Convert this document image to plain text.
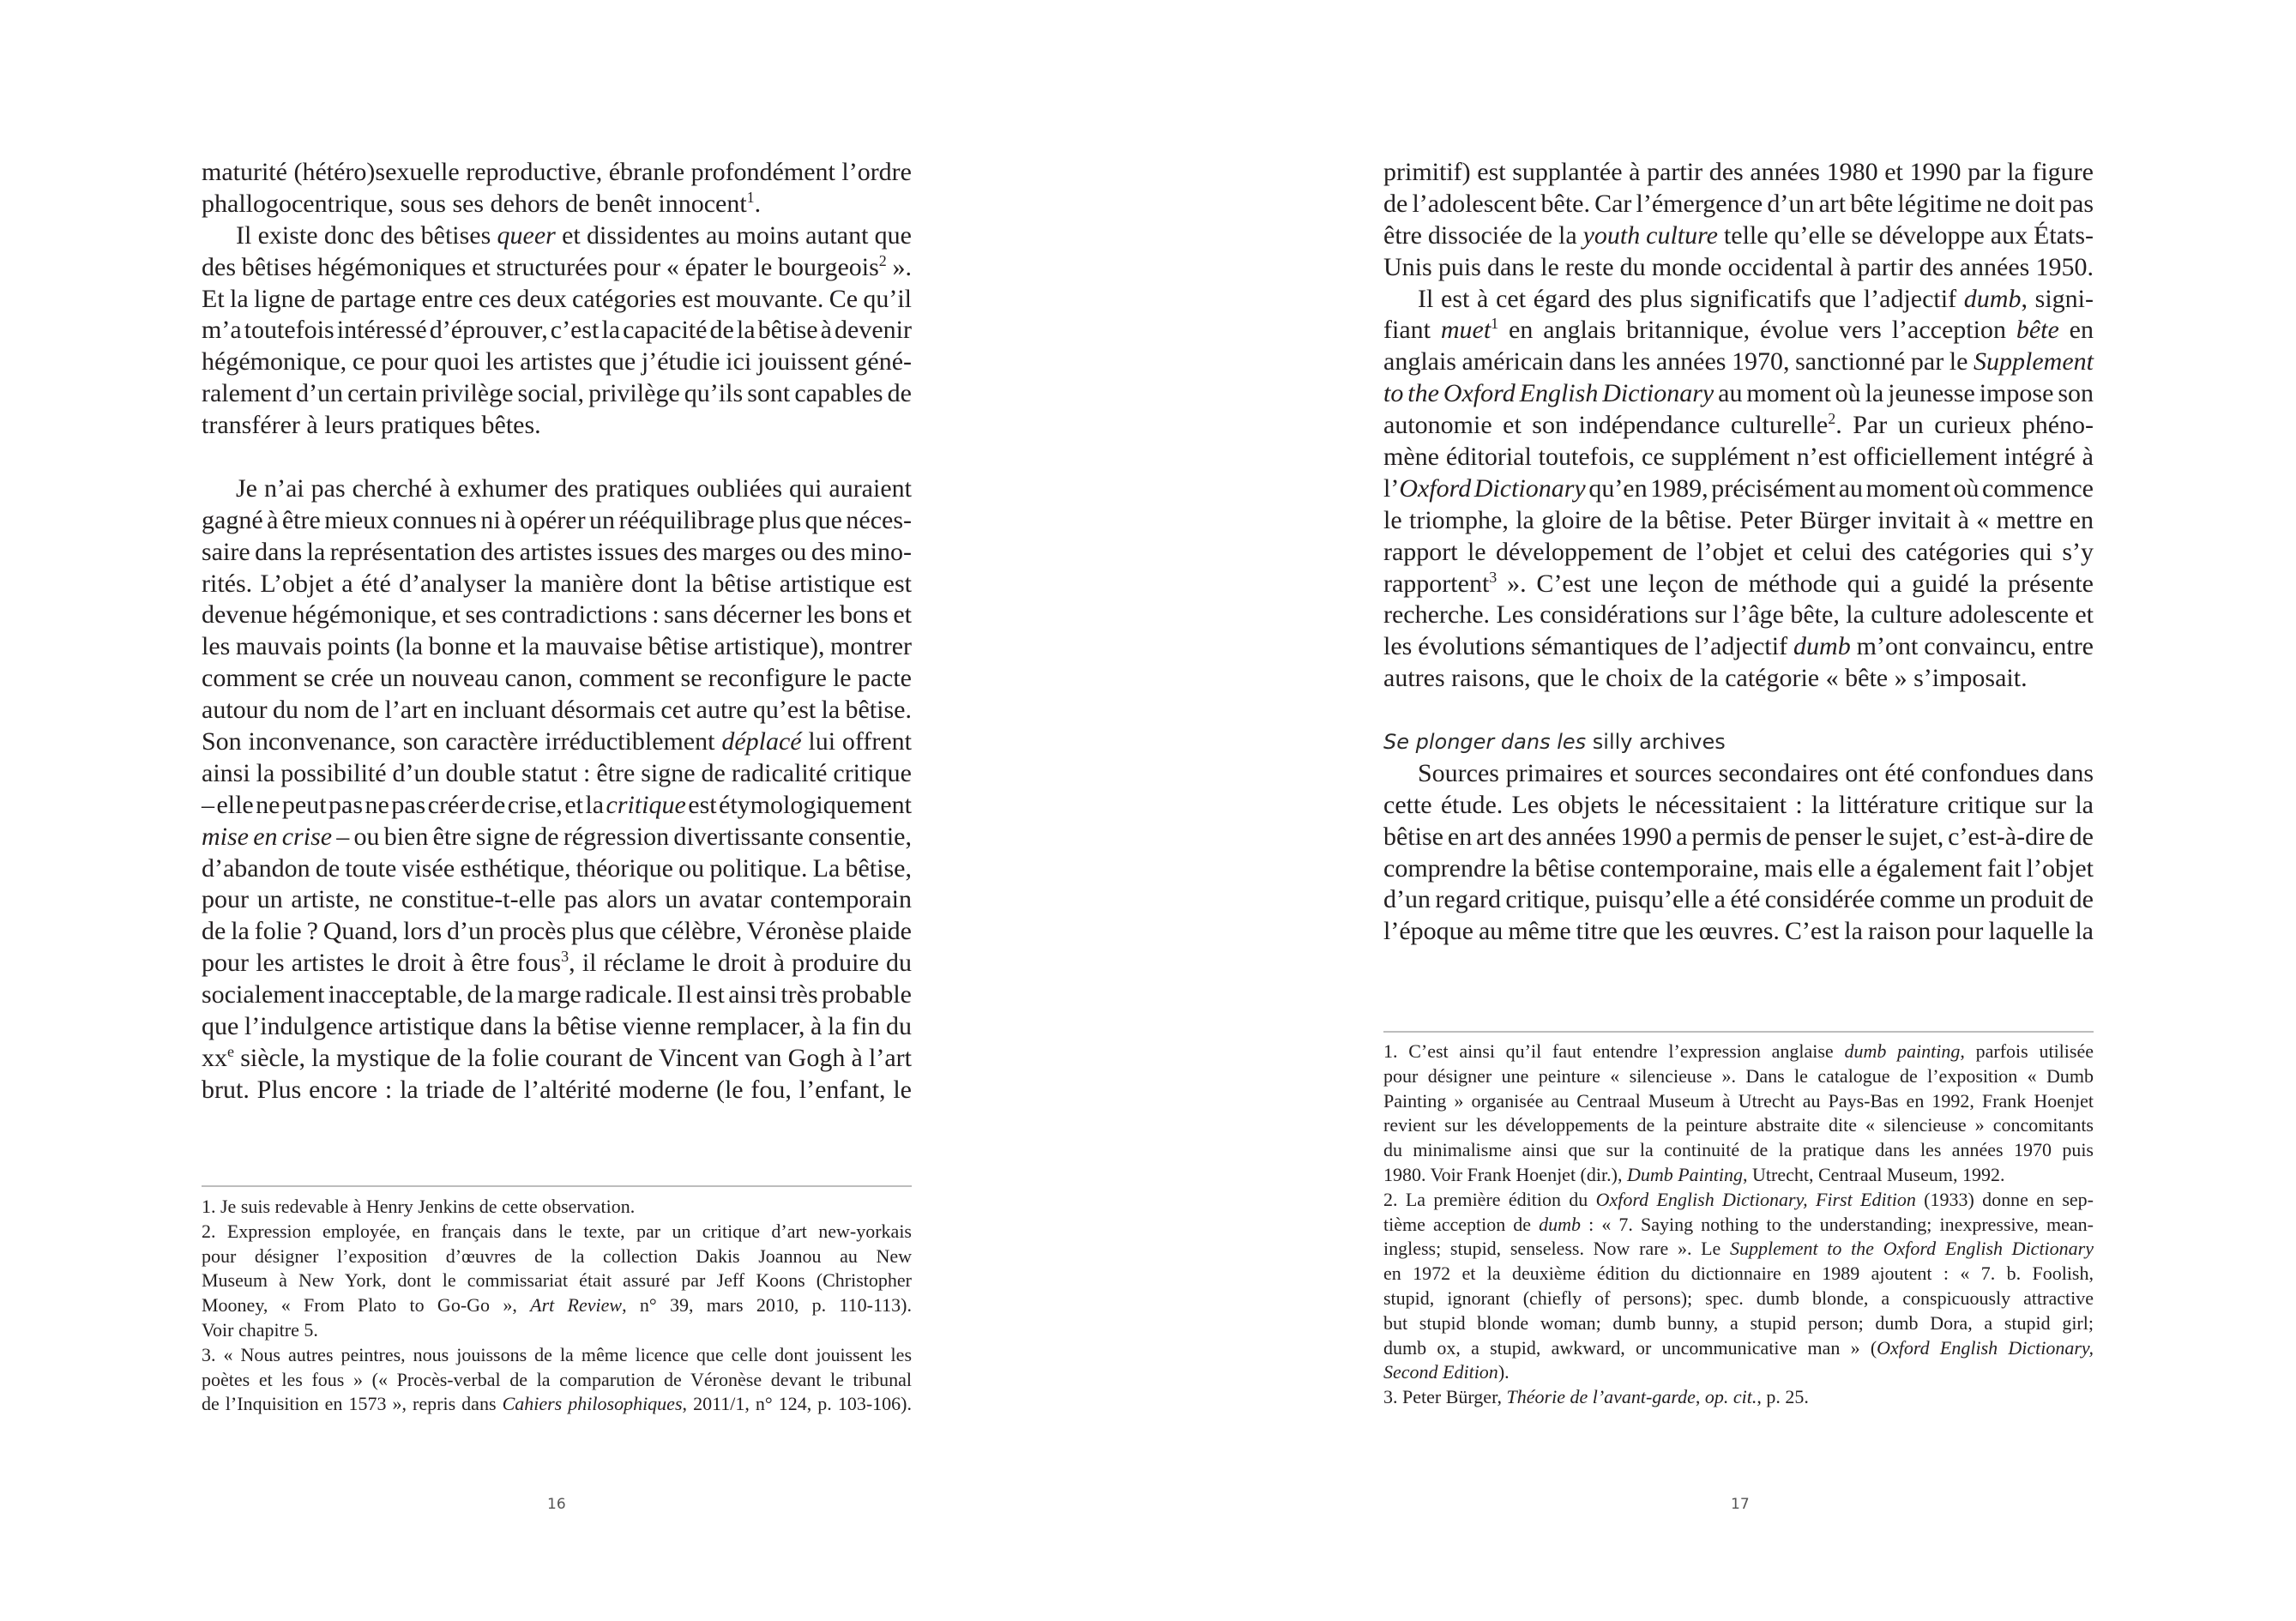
maturité (hétéro)sexuelle reproductive, ébranle profondément l’ordre
phallogocentrique, sous ses dehors de benêt innocent$^1$.
Il existe donc des bêtises queer et dissidentes au moins autant que
des bêtises hégémoniques et structurées pour « épater le bourgeois$^2$ ».
Et la ligne de partage entre ces deux catégories est mouvante. Ce qu’il
m’a toutefois intéressé d’éprouver, c’est la capacité de la bêtise à devenir
hégémonique, ce pour quoi les artistes que j’étudie ici jouissent géné-
ralement d’un certain privilège social, privilège qu’ils sont capables de
transférer à leurs pratiques bêtes.
Je n’ai pas cherché à exhumer des pratiques oubliées qui auraient
gagné à être mieux connues ni à opérer un rééquilibrage plus que néces-
saire dans la représentation des artistes issues des marges ou des mino-
rités. L’objet a été d’analyser la manière dont la bêtise artistique est
devenue hégémonique, et ses contradictions : sans décerner les bons et
les mauvais points (la bonne et la mauvaise bêtise artistique), montrer
comment se crée un nouveau canon, comment se reconfigure le pacte
autour du nom de l’art en incluant désormais cet autre qu’est la bêtise.
Son inconvenance, son caractère irréductiblement déplacé lui offrent
ainsi la possibilité d’un double statut : être signe de radicalité critique
– elle ne peut pas ne pas créer de crise, et la critique est étymologiquement
mise en crise – ou bien être signe de régression divertissante consentie,
d’abandon de toute visée esthétique, théorique ou politique. La bêtise,
pour un artiste, ne constitue-t-elle pas alors un avatar contemporain
de la folie ? Quand, lors d’un procès plus que célèbre, Véronèse plaide
pour les artistes le droit à être fous$^3$, il réclame le droit à produire du
socialement inacceptable, de la marge radicale. Il est ainsi très probable
que l’indulgence artistique dans la bêtise vienne remplacer, à la fin du
$xx^e$ siècle, la mystique de la folie courant de Vincent van Gogh à l’art
brut. Plus encore : la triade de l’altérité moderne (le fou, l’enfant, le
1. Je suis redevable à Henry Jenkins de cette observation.
2. Expression employée, en français dans le texte, par un critique d’art new-yorkais
pour désigner l’exposition d’œuvres de la collection Dakis Joannou au New
Museum à New York, dont le commissariat était assuré par Jeff Koons (Christopher
Mooney, « From Plato to Go-Go », Art Review, n° 39, mars 2010, p. 110-113).
Voir chapitre 5.
3. « Nous autres peintres, nous jouissons de la même licence que celle dont jouissent les
poètes et les fous » (« Procès-verbal de la comparution de Véronèse devant le tribunal
de l’Inquisition en 1573 », repris dans Cahiers philosophiques, 2011/1, n° 124, p. 103-106).
16
primitif) est supplantée à partir des années 1980 et 1990 par la figure
de l’adolescent bête. Car l’émergence d’un art bête légitime ne doit pas
être dissociée de la youth culture telle qu’elle se développe aux États-
Unis puis dans le reste du monde occidental à partir des années 1950.
Il est à cet égard des plus significatifs que l’adjectif dumb, signi-
fiant muet$^1$ en anglais britannique, évolue vers l’acception bête en
anglais américain dans les années 1970, sanctionné par le Supplement
to the Oxford English Dictionary au moment où la jeunesse impose son
autonomie et son indépendance culturelle$^2$. Par un curieux phéno-
mène éditorial toutefois, ce supplément n’est officiellement intégré à
l’Oxford Dictionary qu’en 1989, précisément au moment où commence
le triomphe, la gloire de la bêtise. Peter Bürger invitait à « mettre en
rapport le développement de l’objet et celui des catégories qui s’y
rapportent$^3$ ». C’est une leçon de méthode qui a guidé la présente
recherche. Les considérations sur l’âge bête, la culture adolescente et
les évolutions sémantiques de l’adjectif dumb m’ont convaincu, entre
autres raisons, que le choix de la catégorie « bête » s’imposait.
Se plonger dans les silly archives
Sources primaires et sources secondaires ont été confondues dans
cette étude. Les objets le nécessitaient : la littérature critique sur la
bêtise en art des années 1990 a permis de penser le sujet, c’est-à-dire de
comprendre la bêtise contemporaine, mais elle a également fait l’objet
d’un regard critique, puisqu’elle a été considérée comme un produit de
l’époque au même titre que les œuvres. C’est la raison pour laquelle la
1. C’est ainsi qu’il faut entendre l’expression anglaise dumb painting, parfois utilisée
pour désigner une peinture « silencieuse ». Dans le catalogue de l’exposition « Dumb
Painting » organisée au Centraal Museum à Utrecht au Pays-Bas en 1992, Frank Hoenjet
revient sur les développements de la peinture abstraite dite « silencieuse » concomitants
du minimalisme ainsi que sur la continuité de la pratique dans les années 1970 puis
1980. Voir Frank Hoenjet (dir.), Dumb Painting, Utrecht, Centraal Museum, 1992.
2. La première édition du Oxford English Dictionary, First Edition (1933) donne en sep-
tième acception de dumb : « 7. Saying nothing to the understanding; inexpressive, mean-
ingless; stupid, senseless. Now rare ». Le Supplement to the Oxford English Dictionary
en 1972 et la deuxième édition du dictionnaire en 1989 ajoutent : « 7. b. Foolish,
stupid, ignorant (chiefly of persons); spec. dumb blonde, a conspicuously attractive
but stupid blonde woman; dumb bunny, a stupid person; dumb Dora, a stupid girl;
dumb ox, a stupid, awkward, or uncommunicative man » (Oxford English Dictionary,
Second Edition).
3. Peter Bürger, Théorie de l’avant-garde, op. cit., p. 25.
17
